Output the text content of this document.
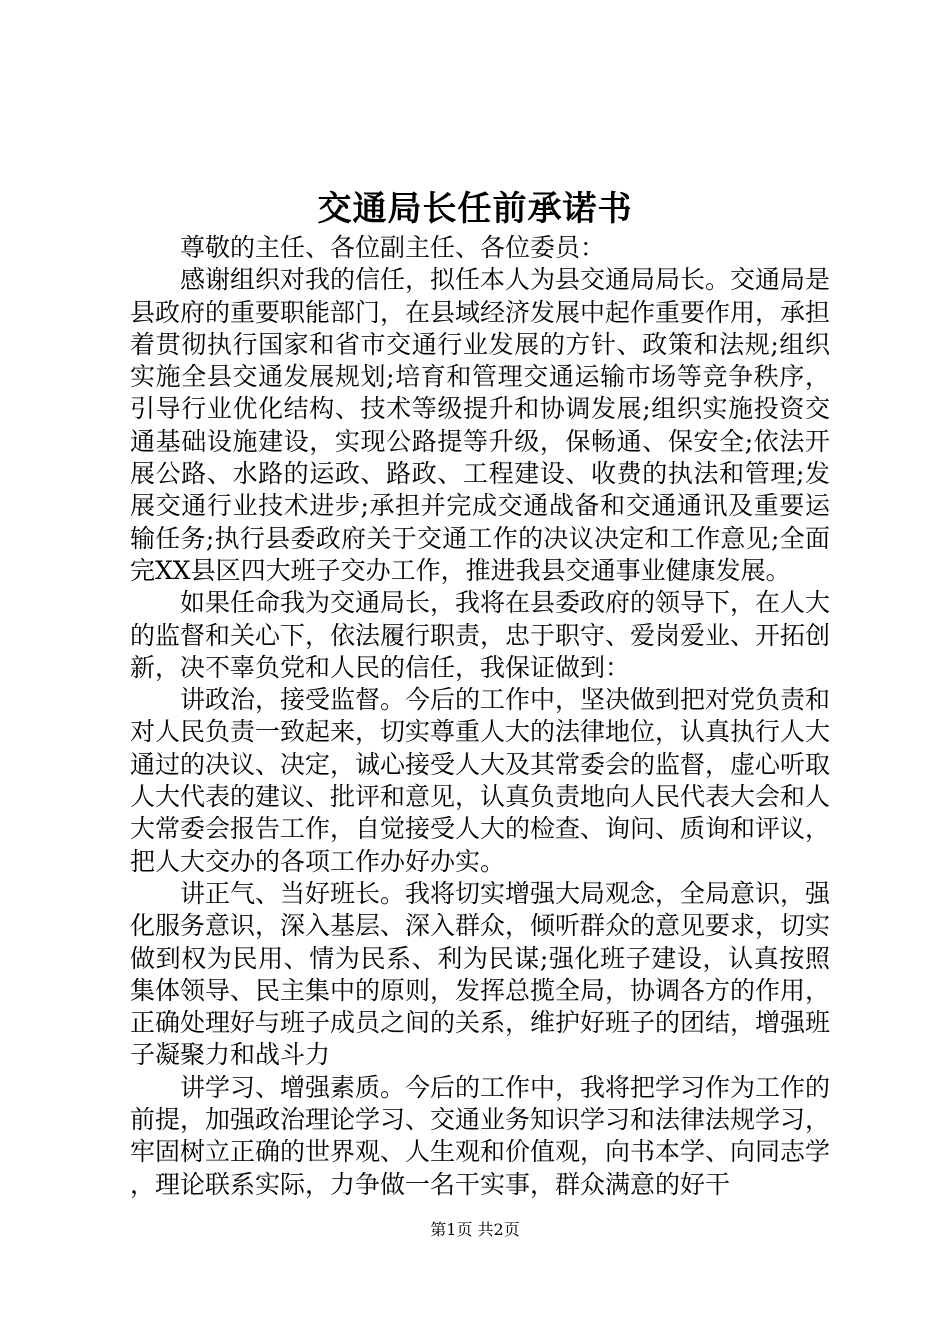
交通局长任前承诺书

尊敬的主任、各位副主任、各位委员：

感谢组织对我的信任，拟任本人为县交通局局长。交通局是县政府的重要职能部门，在县域经济发展中起作重要作用，承担着贯彻执行国家和省市交通行业发展的方针、政策和法规;组织实施全县交通发展规划;培育和管理交通运输市场等竞争秩序，引导行业优化结构、技术等级提升和协调发展;组织实施投资交通基础设施建设，实现公路提等升级，保畅通、保安全;依法开展公路、水路的运政、路政、工程建设、收费的执法和管理;发展交通行业技术进步;承担并完成交通战备和交通通讯及重要运输任务;执行县委政府关于交通工作的决议决定和工作意见;全面完XX县区四大班子交办工作，推进我县交通事业健康发展。

如果任命我为交通局长，我将在县委政府的领导下，在人大的监督和关心下，依法履行职责，忠于职守、爱岗爱业、开拓创新，决不辜负党和人民的信任，我保证做到：

讲政治，接受监督。今后的工作中，坚决做到把对党负责和对人民负责一致起来，切实尊重人大的法律地位，认真执行人大通过的决议、决定，诚心接受人大及其常委会的监督，虚心听取人大代表的建议、批评和意见，认真负责地向人民代表大会和人大常委会报告工作，自觉接受人大的检查、询问、质询和评议，把人大交办的各项工作办好办实。

讲正气、当好班长。我将切实增强大局观念，全局意识，强化服务意识，深入基层、深入群众，倾听群众的意见要求，切实做到权为民用、情为民系、利为民谋;强化班子建设，认真按照集体领导、民主集中的原则，发挥总揽全局，协调各方的作用，正确处理好与班子成员之间的关系，维护好班子的团结，增强班子凝聚力和战斗力

讲学习、增强素质。今后的工作中，我将把学习作为工作的前提，加强政治理论学习、交通业务知识学习和法律法规学习，牢固树立正确的世界观、人生观和价值观，向书本学、向同志学，理论联系实际，力争做一名干实事，群众满意的好干

第1页 共2页
